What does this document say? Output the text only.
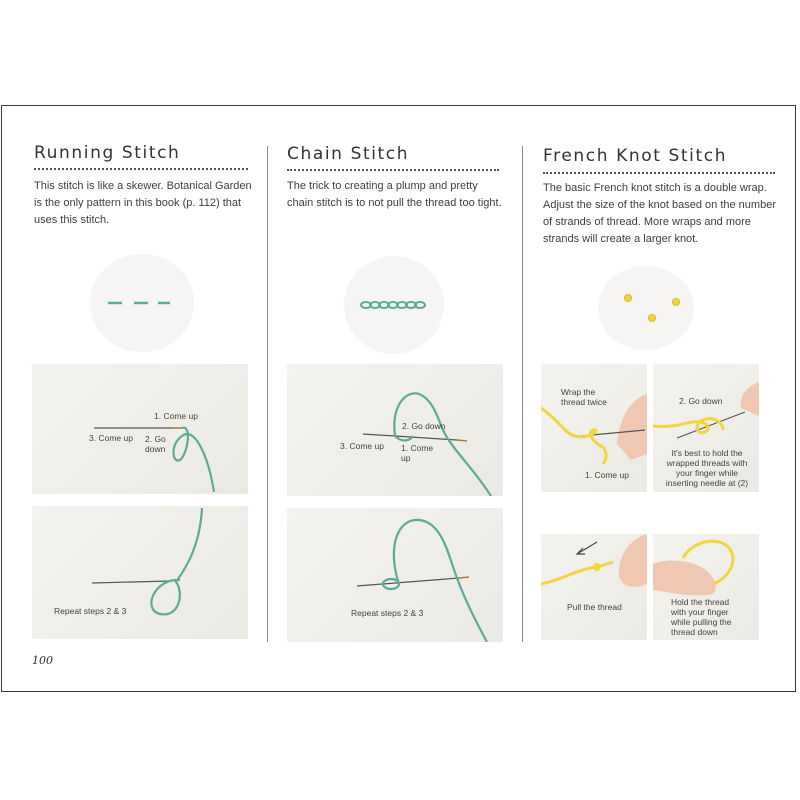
Running Stitch
This stitch is like a skewer. Botanical Garden is the only pattern in this book (p. 112) that uses this stitch.
1. Come up
3. Come up 2. Go down
Repeat steps 2 & 3
Chain Stitch
The trick to creating a plump and pretty chain stitch is to not pull the thread too tight.
2. Go down
3. Come up 1. Come up
Repeat steps 2 & 3
French Knot Stitch
The basic French knot stitch is a double wrap. Adjust the size of the knot based on the number of strands of thread. More wraps and more strands will create a larger knot.
Wrap the thread twice
1. Come up
2. Go down
It's best to hold the wrapped threads with your finger while inserting needle at (2)
Pull the thread	Hold the thread with your finger while pulling the thread down
100
